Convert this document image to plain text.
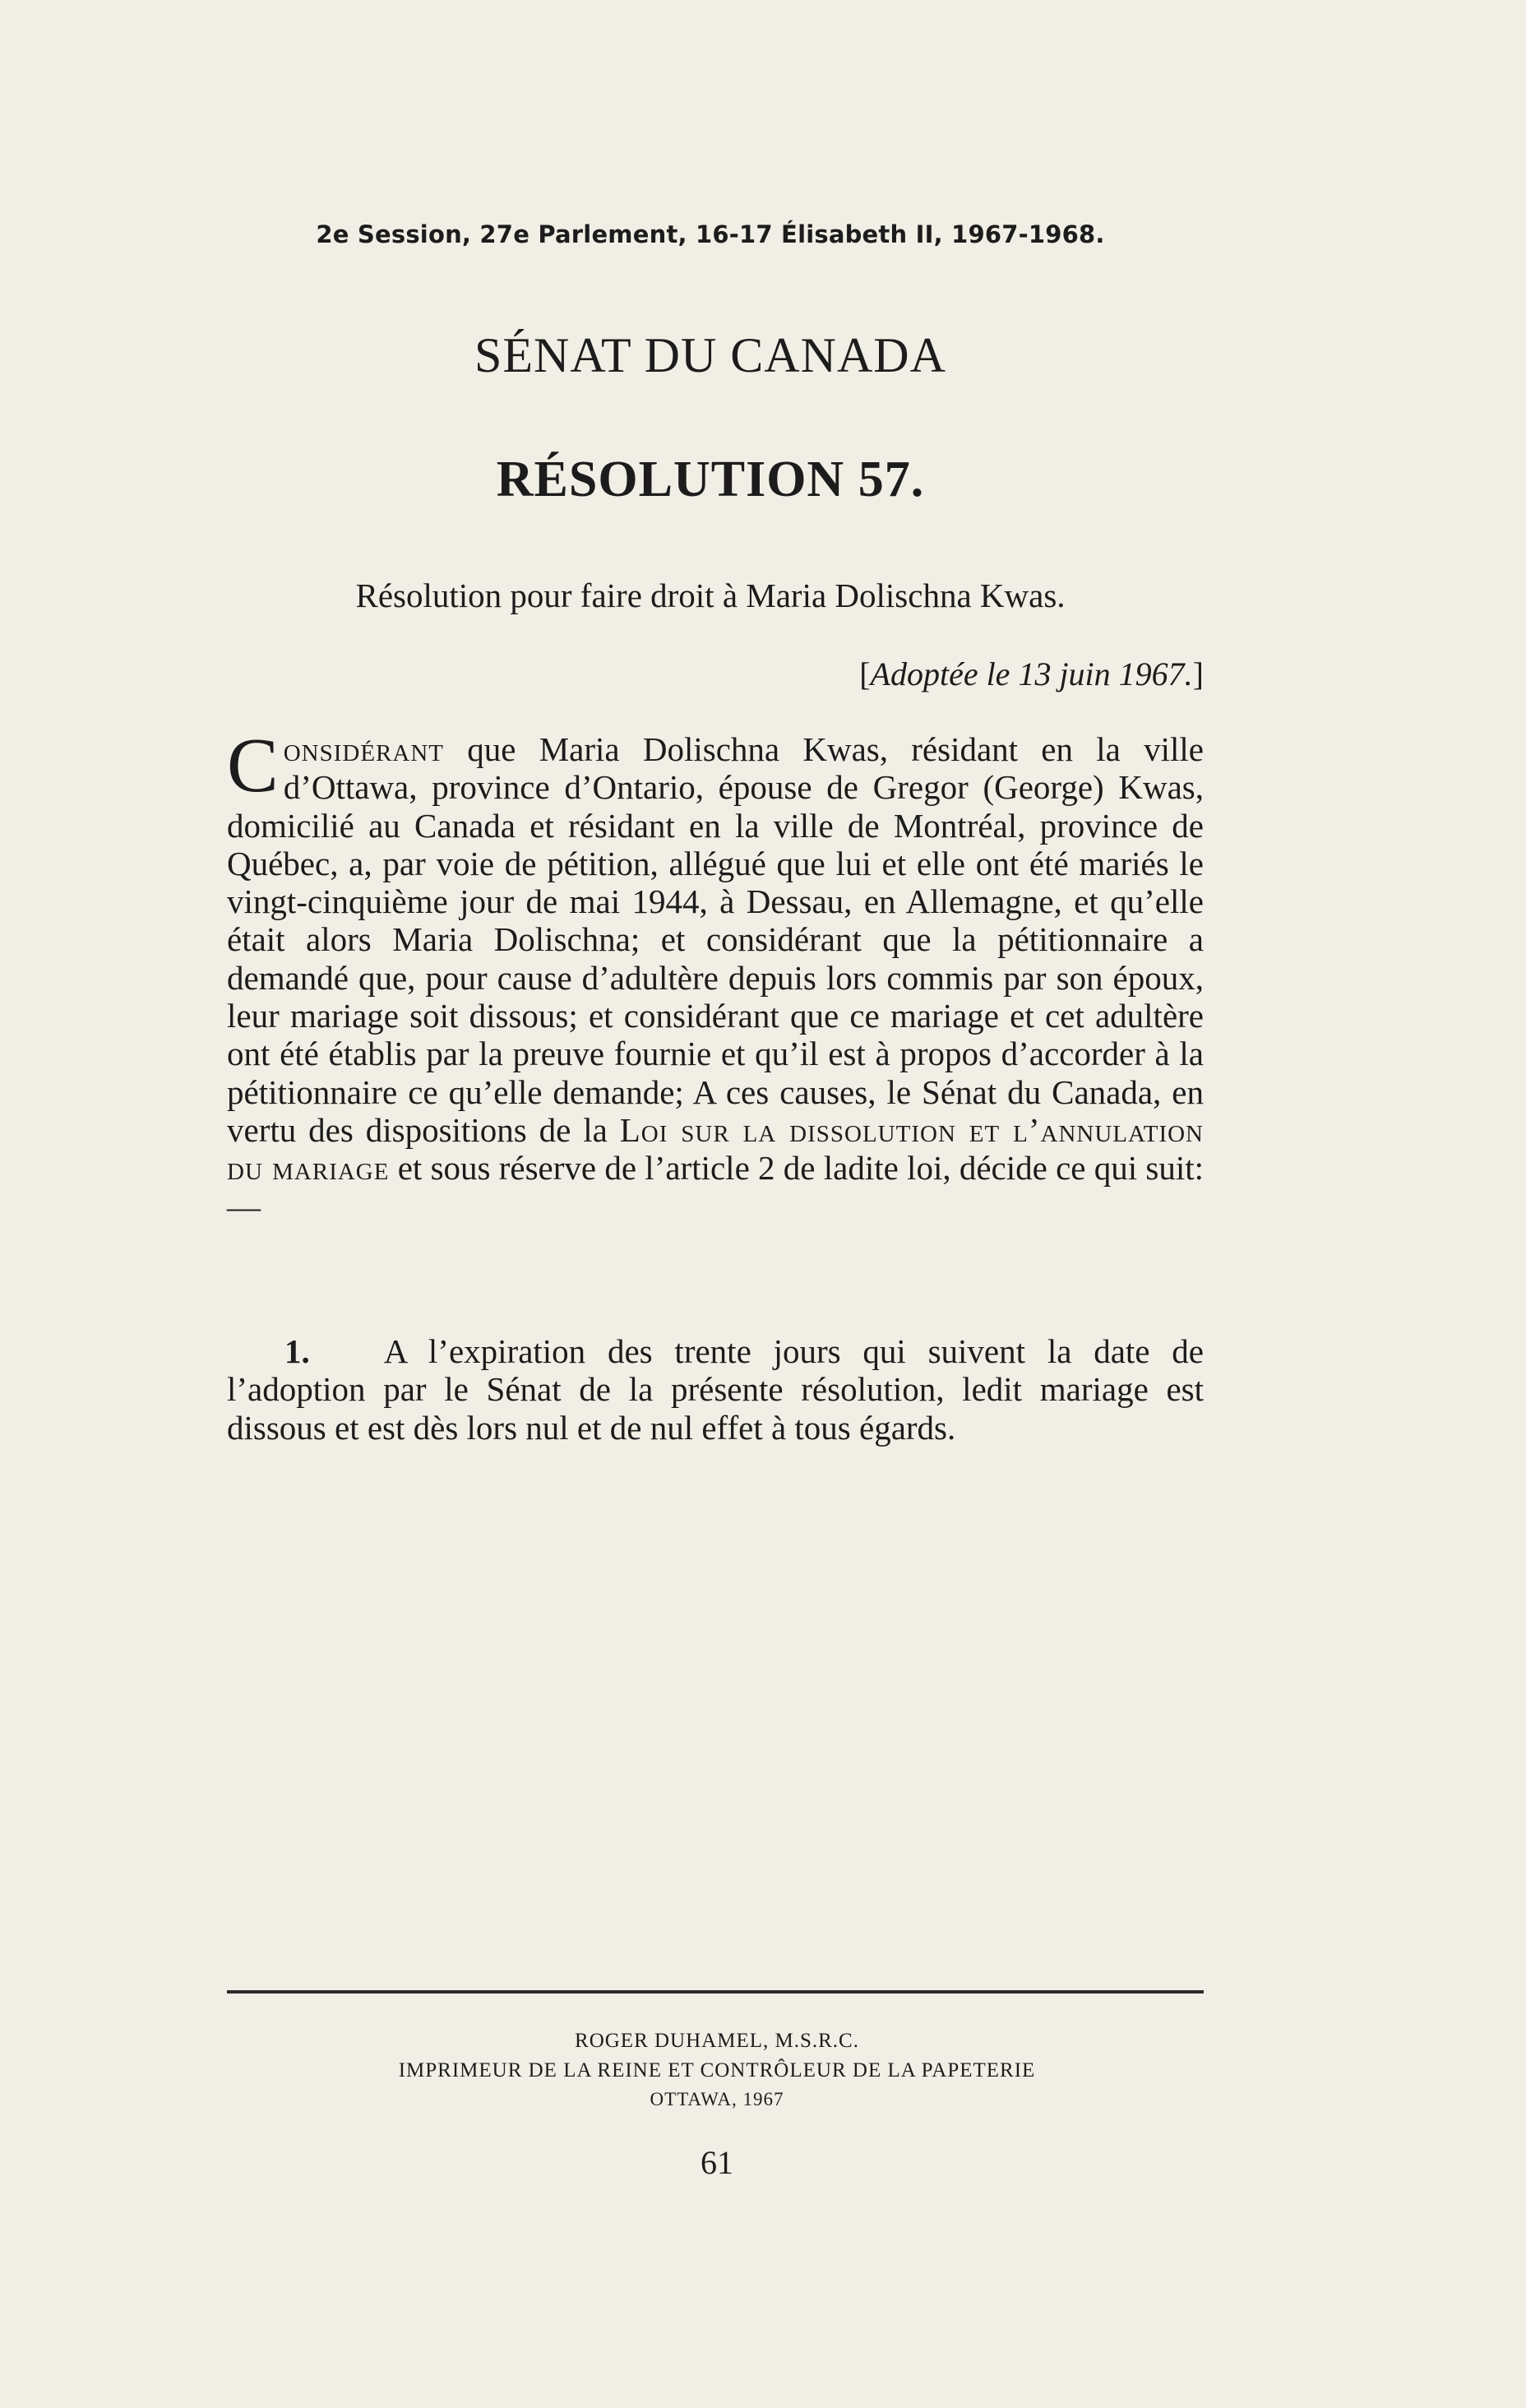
2e Session, 27e Parlement, 16-17 Élisabeth II, 1967-1968.
SÉNAT DU CANADA
RÉSOLUTION 57.
Résolution pour faire droit à Maria Dolischna Kwas.
[Adoptée le 13 juin 1967.]
Considérant que Maria Dolischna Kwas, résidant en la ville d’Ottawa, province d’Ontario, épouse de Gregor (George) Kwas, domicilié au Canada et résidant en la ville de Montréal, province de Québec, a, par voie de pétition, allégué que lui et elle ont été mariés le vingt-cinquième jour de mai 1944, à Dessau, en Allemagne, et qu’elle était alors Maria Dolischna; et considérant que la pétitionnaire a demandé que, pour cause d’adultère depuis lors commis par son époux, leur mariage soit dissous; et considérant que ce mariage et cet adultère ont été établis par la preuve fournie et qu’il est à propos d’accorder à la pétitionnaire ce qu’elle demande; A ces causes, le Sénat du Canada, en vertu des dispositions de la Loi sur la dissolution et l’annulation du mariage et sous réserve de l’article 2 de ladite loi, décide ce qui suit:—
1. A l’expiration des trente jours qui suivent la date de l’adoption par le Sénat de la présente résolution, ledit mariage est dissous et est dès lors nul et de nul effet à tous égards.
ROGER DUHAMEL, M.S.R.C.
IMPRIMEUR DE LA REINE ET CONTRÔLEUR DE LA PAPETERIE
OTTAWA, 1967
61
